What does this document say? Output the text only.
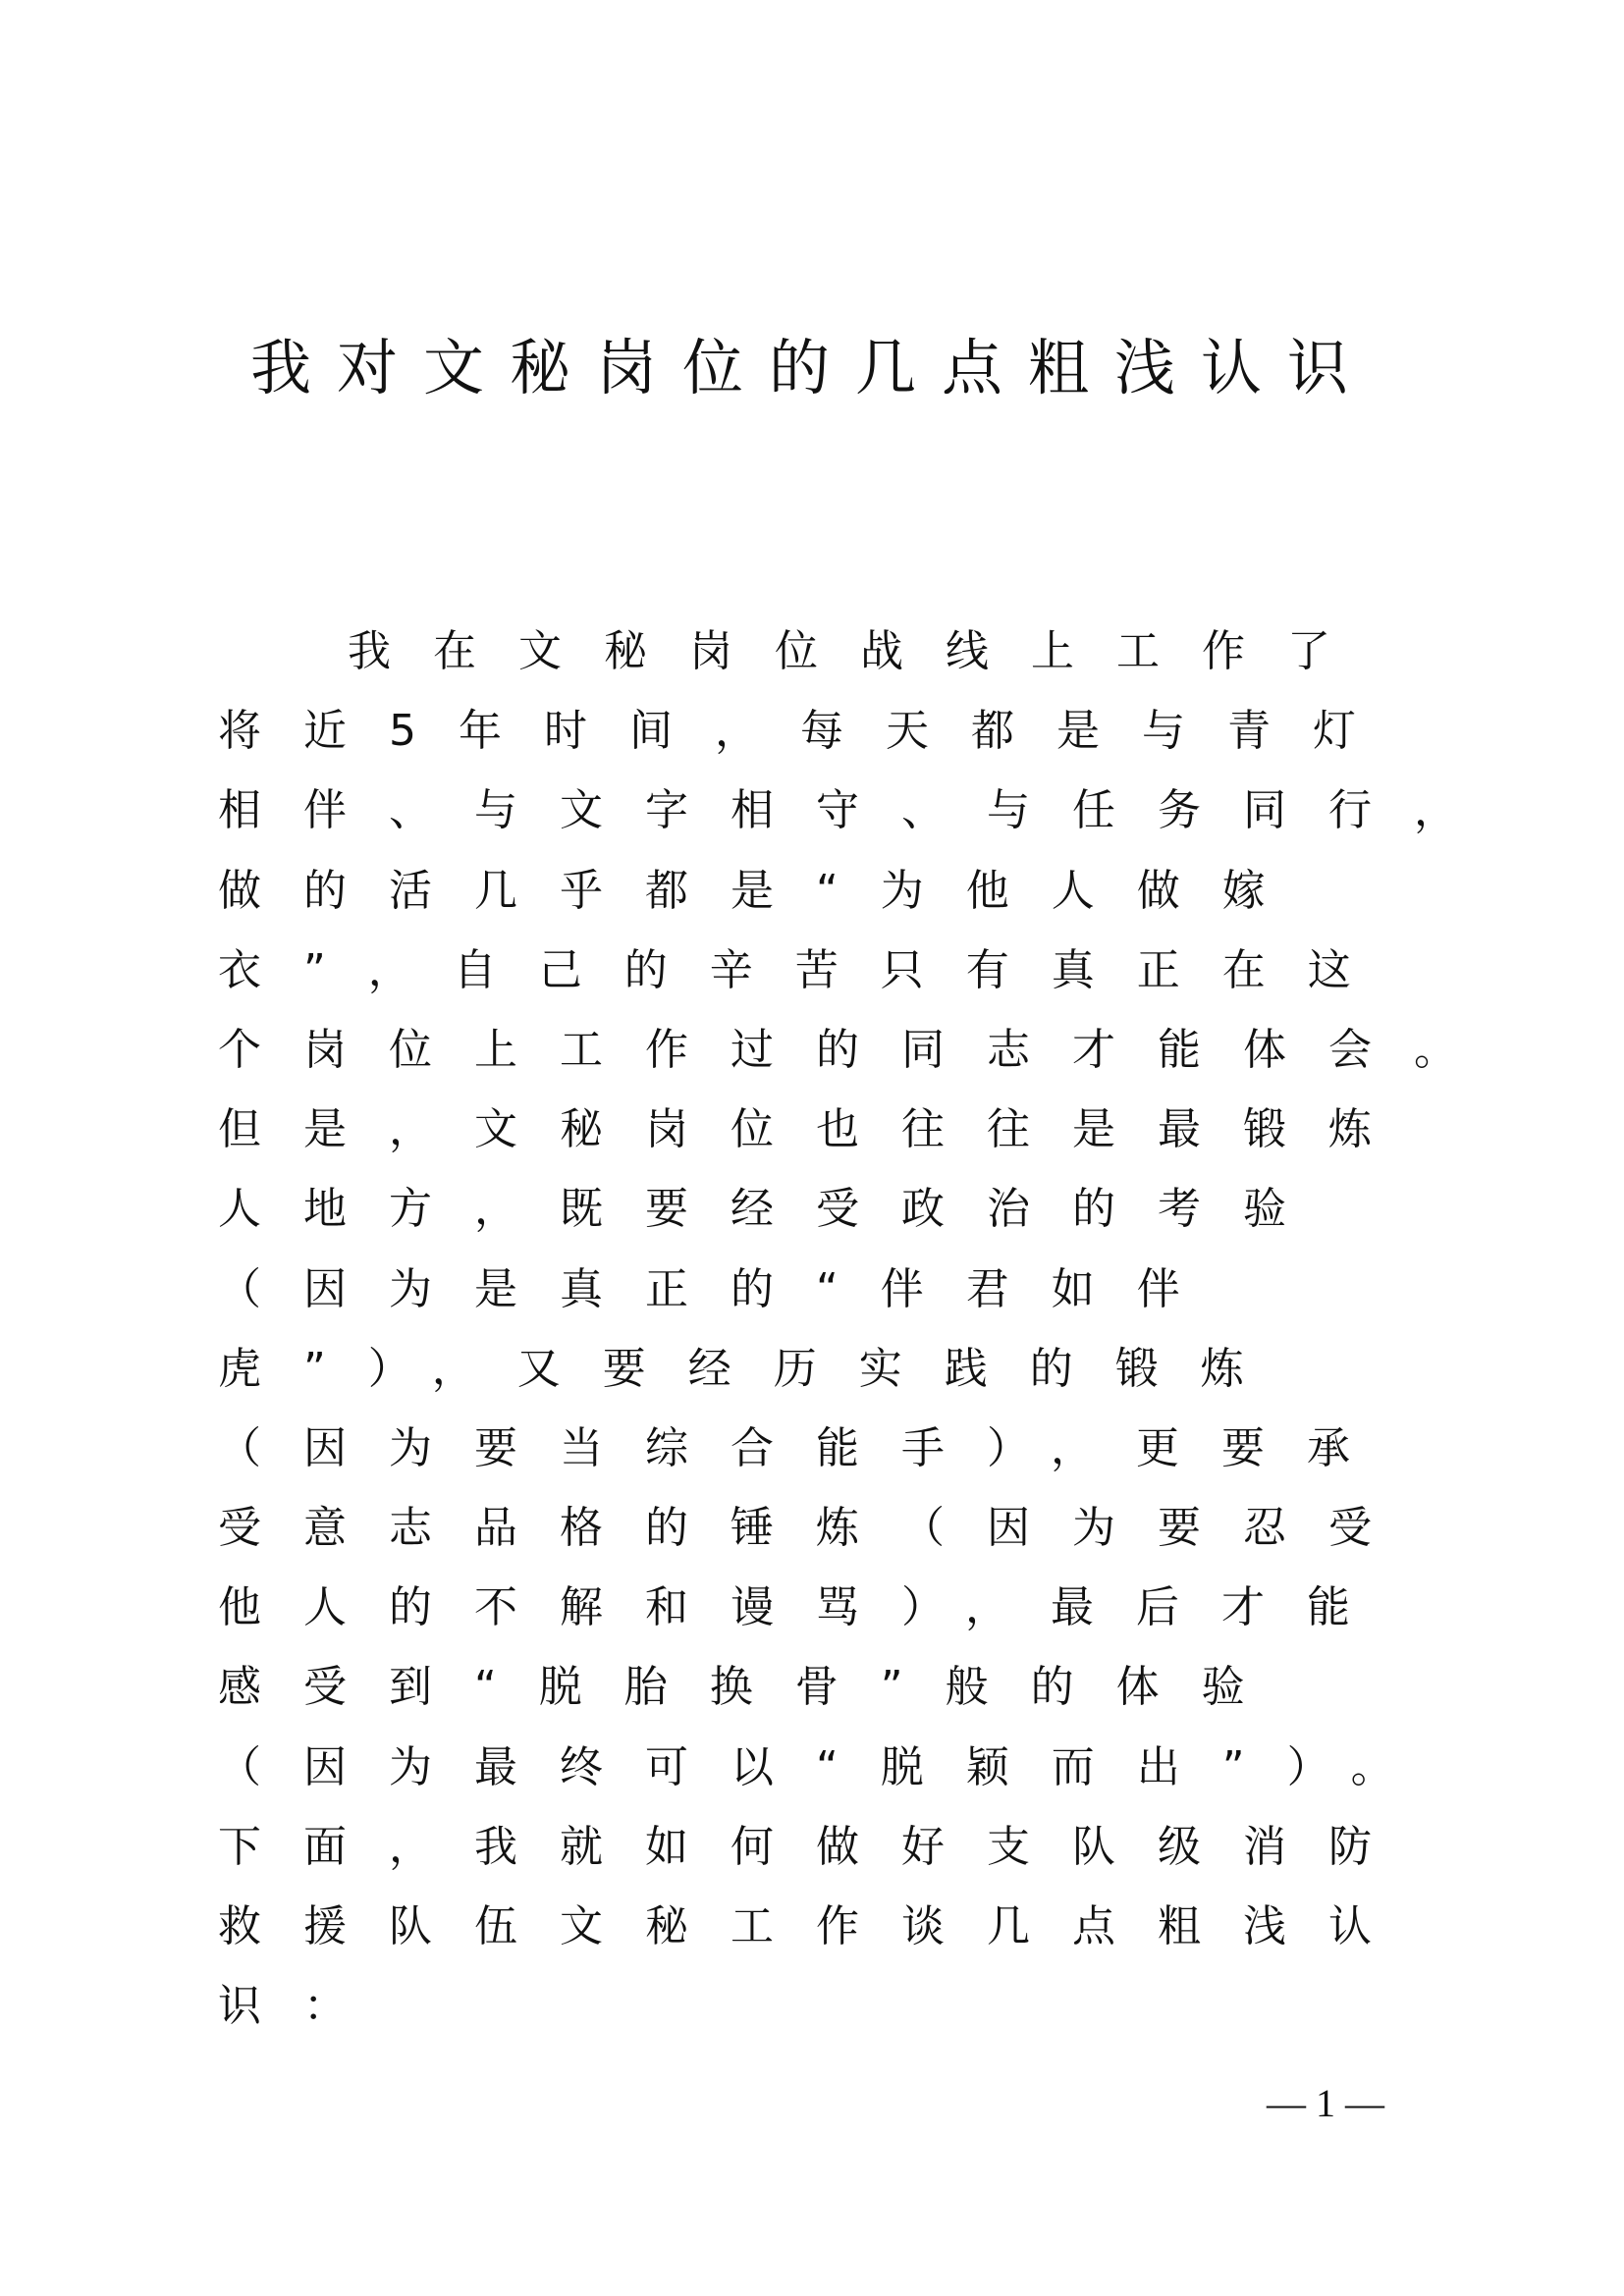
我对文秘岗位的几点粗浅认识
我在文秘岗位战线上工作了
将近5年时间，每天都是与青灯
相伴、与文字相守、与任务同行，
做的活几乎都是“为他人做嫁
衣”，自己的辛苦只有真正在这
个岗位上工作过的同志才能体会。
但是，文秘岗位也往往是最锻炼
人地方，既要经受政治的考验
（因为是真正的“伴君如伴
虎”），又要经历实践的锻炼
（因为要当综合能手），更要承
受意志品格的锤炼（因为要忍受
他人的不解和谩骂），最后才能
感受到“脱胎换骨”般的体验
（因为最终可以“脱颖而出”）。
下面，我就如何做好支队级消防
救援队伍文秘工作谈几点粗浅认
识：
— 1 —
